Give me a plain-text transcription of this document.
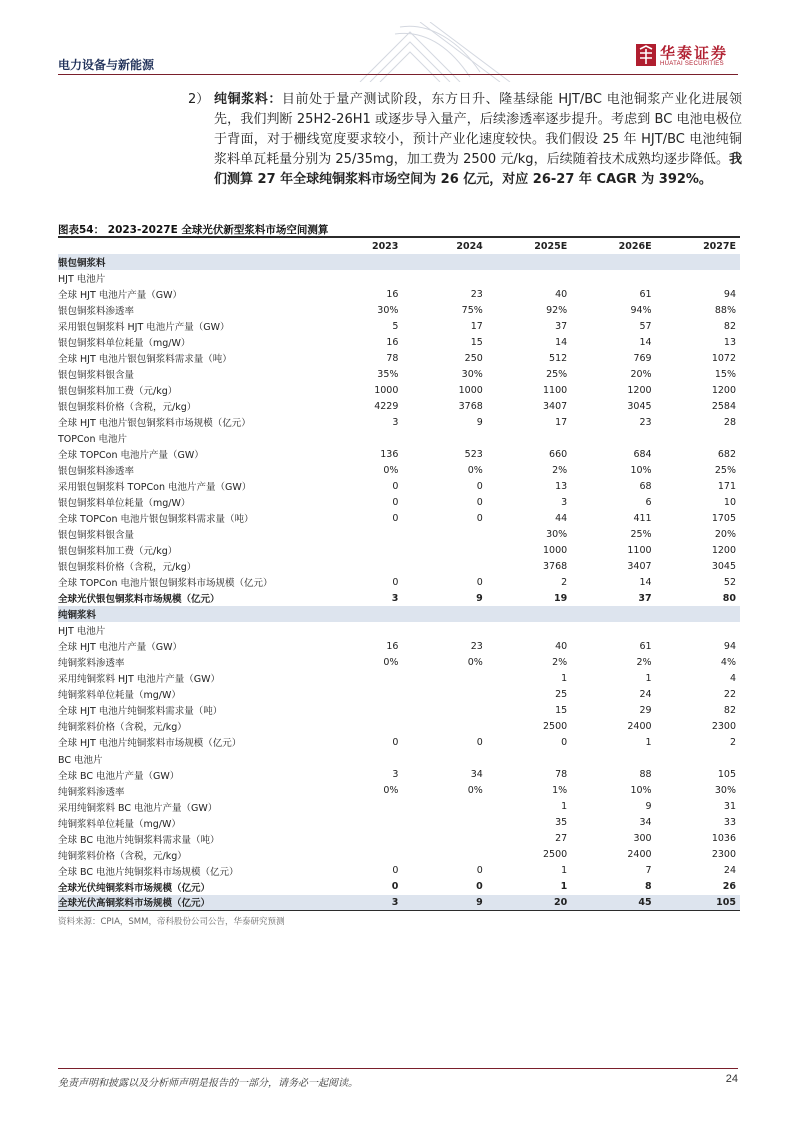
电力设备与新能源
华泰证券
HUATAI SECURITIES
2） 纯铜浆料：目前处于量产测试阶段，东方日升、隆基绿能 HJT/BC 电池铜浆产业化进展领先，我们判断 25H2-26H1 或逐步导入量产，后续渗透率逐步提升。考虑到 BC 电池电极位于背面，对于栅线宽度要求较小，预计产业化速度较快。我们假设 25 年 HJT/BC 电池纯铜浆料单瓦耗量分别为 25/35mg，加工费为 2500 元/kg，后续随着技术成熟均逐步降低。我们测算 27 年全球纯铜浆料市场空间为 26 亿元，对应 26-27 年 CAGR 为 392%。
图表54： 2023-2027E 全球光伏新型浆料市场空间测算
	2023	2024	2025E	2026E	2027E
银包铜浆料					
HJT 电池片					
全球 HJT 电池片产量（GW）	16	23	40	61	94
银包铜浆料渗透率	30%	75%	92%	94%	88%
采用银包铜浆料 HJT 电池片产量（GW）	5	17	37	57	82
银包铜浆料单位耗量（mg/W）	16	15	14	14	13
全球 HJT 电池片银包铜浆料需求量（吨）	78	250	512	769	1072
银包铜浆料银含量	35%	30%	25%	20%	15%
银包铜浆料加工费（元/kg）	1000	1000	1100	1200	1200
银包铜浆料价格（含税，元/kg）	4229	3768	3407	3045	2584
全球 HJT 电池片银包铜浆料市场规模（亿元）	3	9	17	23	28
TOPCon 电池片					
全球 TOPCon 电池片产量（GW）	136	523	660	684	682
银包铜浆料渗透率	0%	0%	2%	10%	25%
采用银包铜浆料 TOPCon 电池片产量（GW）	0	0	13	68	171
银包铜浆料单位耗量（mg/W）	0	0	3	6	10
全球 TOPCon 电池片银包铜浆料需求量（吨）	0	0	44	411	1705
银包铜浆料银含量			30%	25%	20%
银包铜浆料加工费（元/kg）			1000	1100	1200
银包铜浆料价格（含税，元/kg）			3768	3407	3045
全球 TOPCon 电池片银包铜浆料市场规模（亿元）	0	0	2	14	52
全球光伏银包铜浆料市场规模（亿元）	3	9	19	37	80
纯铜浆料					
HJT 电池片					
全球 HJT 电池片产量（GW）	16	23	40	61	94
纯铜浆料渗透率	0%	0%	2%	2%	4%
采用纯铜浆料 HJT 电池片产量（GW）			1	1	4
纯铜浆料单位耗量（mg/W）			25	24	22
全球 HJT 电池片纯铜浆料需求量（吨）			15	29	82
纯铜浆料价格（含税，元/kg）			2500	2400	2300
全球 HJT 电池片纯铜浆料市场规模（亿元）	0	0	0	1	2
BC 电池片					
全球 BC 电池片产量（GW）	3	34	78	88	105
纯铜浆料渗透率	0%	0%	1%	10%	30%
采用纯铜浆料 BC 电池片产量（GW）			1	9	31
纯铜浆料单位耗量（mg/W）			35	34	33
全球 BC 电池片纯铜浆料需求量（吨）			27	300	1036
纯铜浆料价格（含税，元/kg）			2500	2400	2300
全球 BC 电池片纯铜浆料市场规模（亿元）	0	0	1	7	24
全球光伏纯铜浆料市场规模（亿元）	0	0	1	8	26
全球光伏高铜浆料市场规模（亿元）	3	9	20	45	105
资料来源：CPIA，SMM，帝科股份公司公告，华泰研究预测
免责声明和披露以及分析师声明是报告的一部分，请务必一起阅读。	24
